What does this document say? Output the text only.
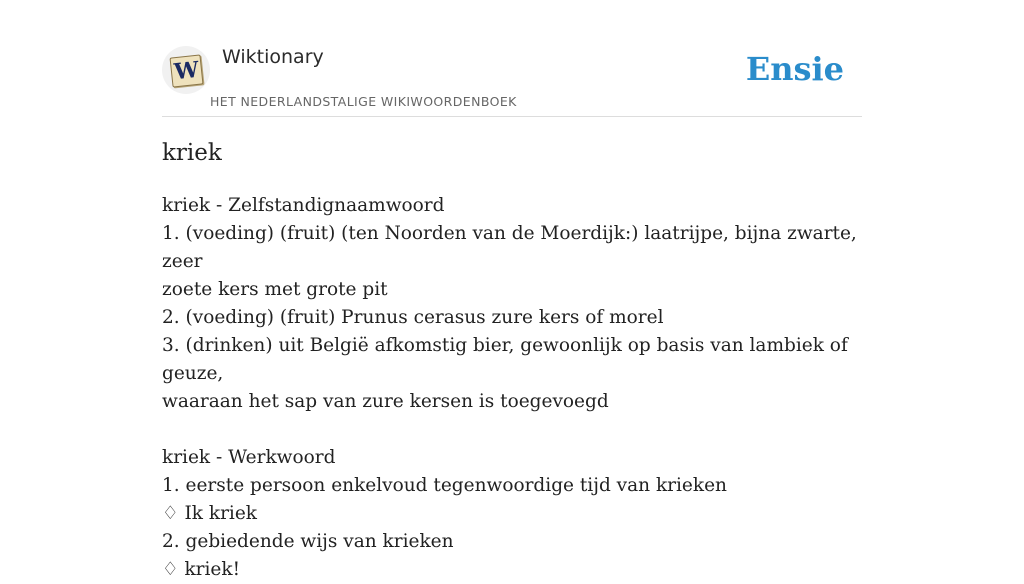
W Wiktionary
HET NEDERLANDSTALIGE WIKIWOORDENBOEK
Ensie
kriek
kriek - Zelfstandignaamwoord
1. (voeding) (fruit) (ten Noorden van de Moerdijk:) laatrijpe, bijna zwarte, zeer
zoete kers met grote pit
2. (voeding) (fruit) Prunus cerasus zure kers of morel
3. (drinken) uit België afkomstig bier, gewoonlijk op basis van lambiek of geuze,
waaraan het sap van zure kersen is toegevoegd
kriek - Werkwoord
1. eerste persoon enkelvoud tegenwoordige tijd van krieken
♢ Ik kriek
2. gebiedende wijs van krieken
♢ kriek!
